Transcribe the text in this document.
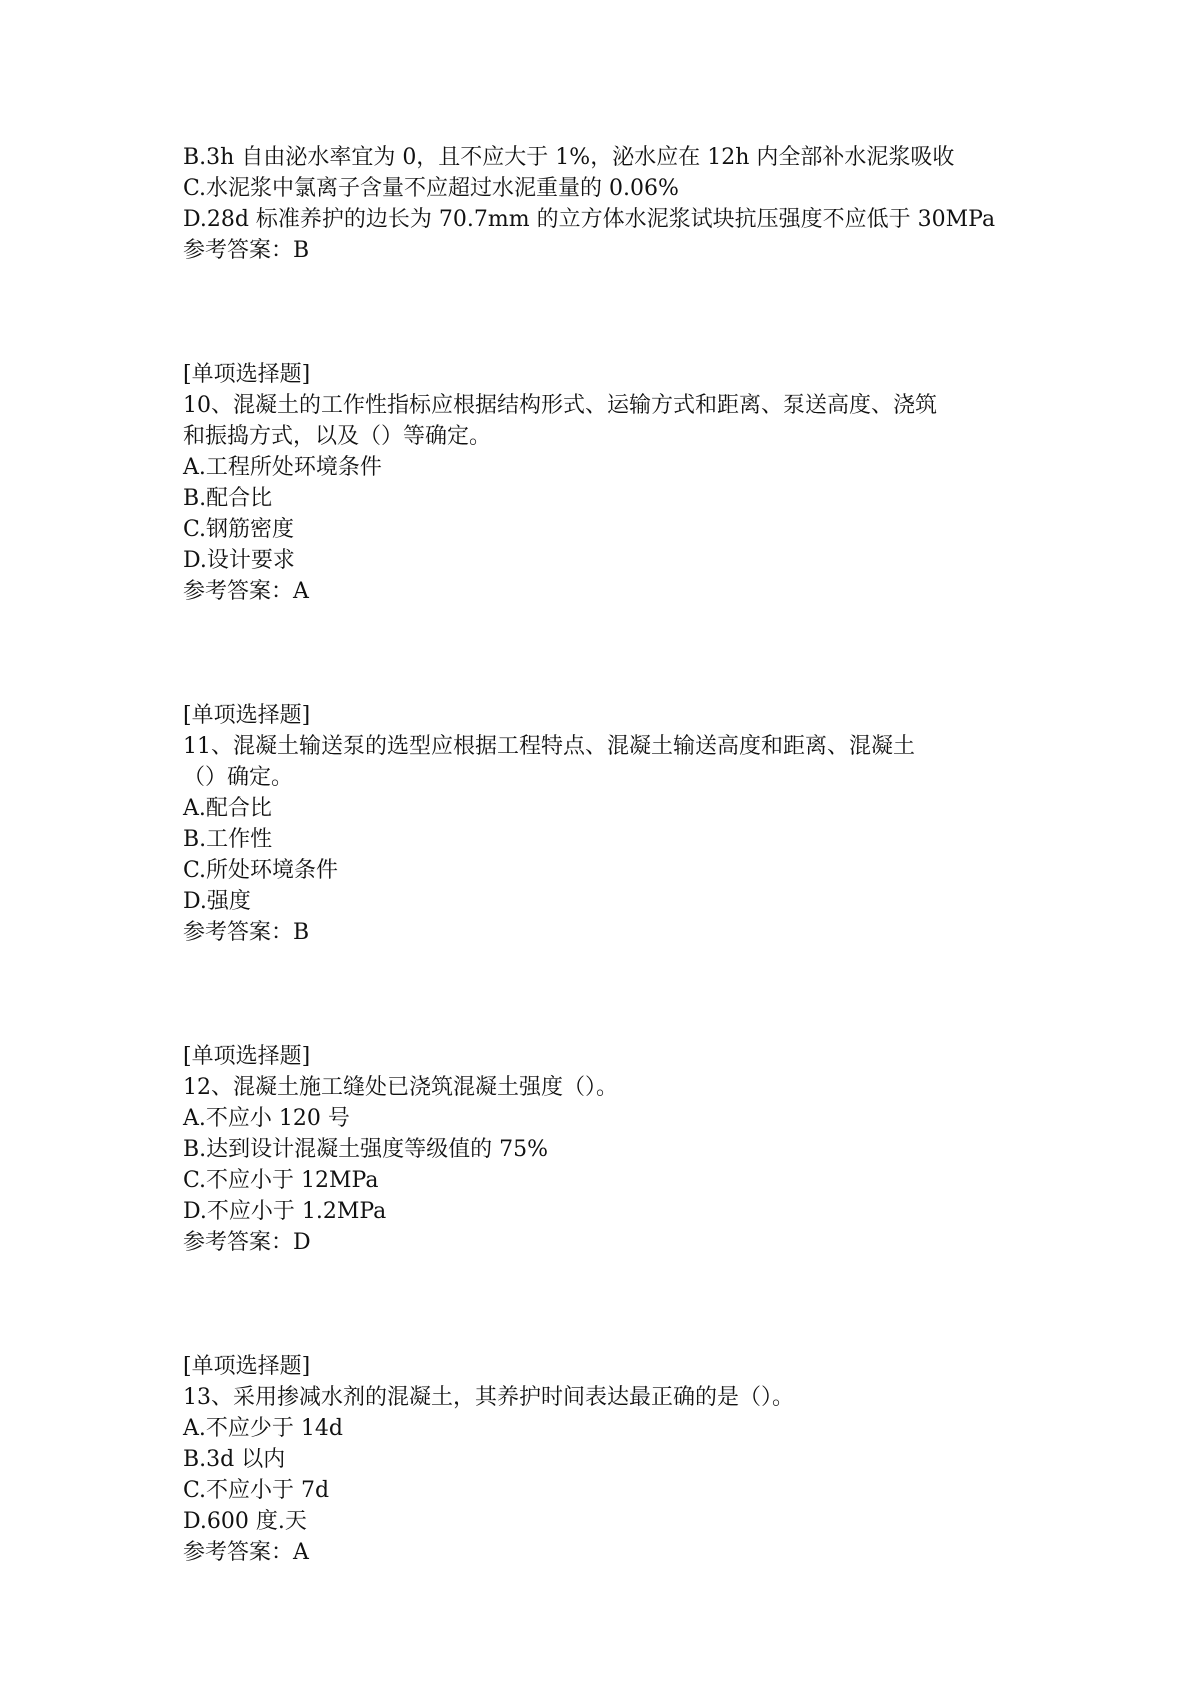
B.3h 自由泌水率宜为 0，且不应大于 1%，泌水应在 12h 内全部补水泥浆吸收
C.水泥浆中氯离子含量不应超过水泥重量的 0.06%
D.28d 标准养护的边长为 70.7mm 的立方体水泥浆试块抗压强度不应低于 30MPa
参考答案：B
[单项选择题]
10、混凝土的工作性指标应根据结构形式、运输方式和距离、泵送高度、浇筑
和振捣方式，以及（）等确定。
A.工程所处环境条件
B.配合比
C.钢筋密度
D.设计要求
参考答案：A
[单项选择题]
11、混凝土输送泵的选型应根据工程特点、混凝土输送高度和距离、混凝土
（）确定。
A.配合比
B.工作性
C.所处环境条件
D.强度
参考答案：B
[单项选择题]
12、混凝土施工缝处已浇筑混凝土强度（）。
A.不应小 120 号
B.达到设计混凝土强度等级值的 75%
C.不应小于 12MPa
D.不应小于 1.2MPa
参考答案：D
[单项选择题]
13、采用掺减水剂的混凝土，其养护时间表达最正确的是（）。
A.不应少于 14d
B.3d 以内
C.不应小于 7d
D.600 度.天
参考答案：A
